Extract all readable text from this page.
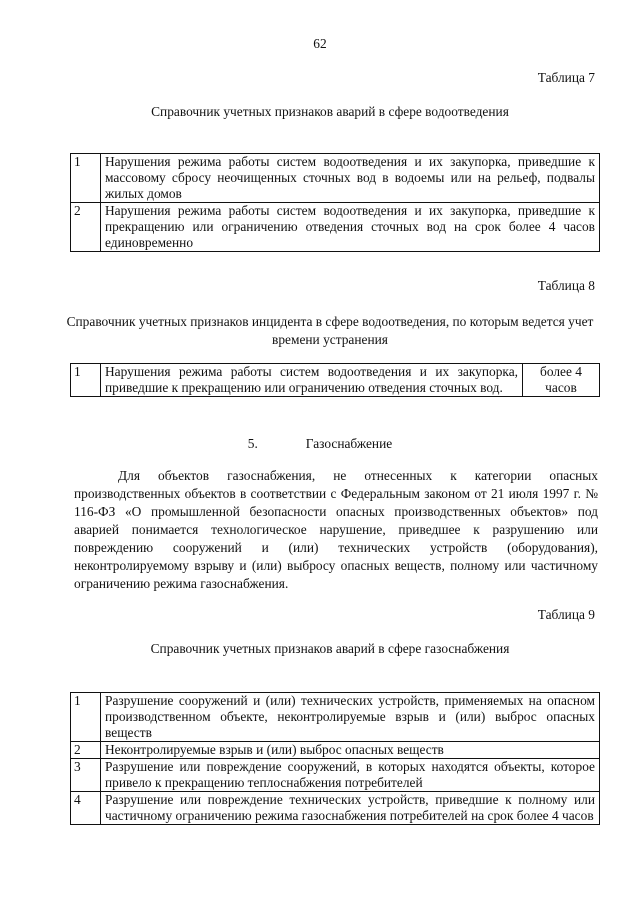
62
Таблица 7
Справочник учетных признаков аварий в сфере водоотведения
1	Нарушения режима работы систем водоотведения и их закупорка, приведшие к массовому сбросу неочищенных сточных вод в водоемы или на рельеф, подвалы жилых домов
2	Нарушения режима работы систем водоотведения и их закупорка, приведшие к прекращению или ограничению отведения сточных вод на срок более 4 часов единовременно
Таблица 8
Справочник учетных признаков инцидента в сфере водоотведения, по которым ведется учет времени устранения
1	Нарушения режима работы систем водоотведения и их закупорка, приведшие к прекращению или ограничению отведения сточных вод.	более 4 часов
5.	Газоснабжение
Для объектов газоснабжения, не отнесенных к категории опасных производственных объектов в соответствии с Федеральным законом от 21 июля 1997 г. № 116-ФЗ «О промышленной безопасности опасных производственных объектов» под аварией понимается технологическое нарушение, приведшее к разрушению или повреждению сооружений и (или) технических устройств (оборудования), неконтролируемому взрыву и (или) выбросу опасных веществ, полному или частичному ограничению режима газоснабжения.
Таблица 9
Справочник учетных признаков аварий в сфере газоснабжения
1	Разрушение сооружений и (или) технических устройств, применяемых на опасном производственном объекте, неконтролируемые взрыв и (или) выброс опасных веществ
2	Неконтролируемые взрыв и (или) выброс опасных веществ
3	Разрушение или повреждение сооружений, в которых находятся объекты, которое привело к прекращению теплоснабжения потребителей
4	Разрушение или повреждение технических устройств, приведшие к полному или частичному ограничению режима газоснабжения потребителей на срок более 4 часов
